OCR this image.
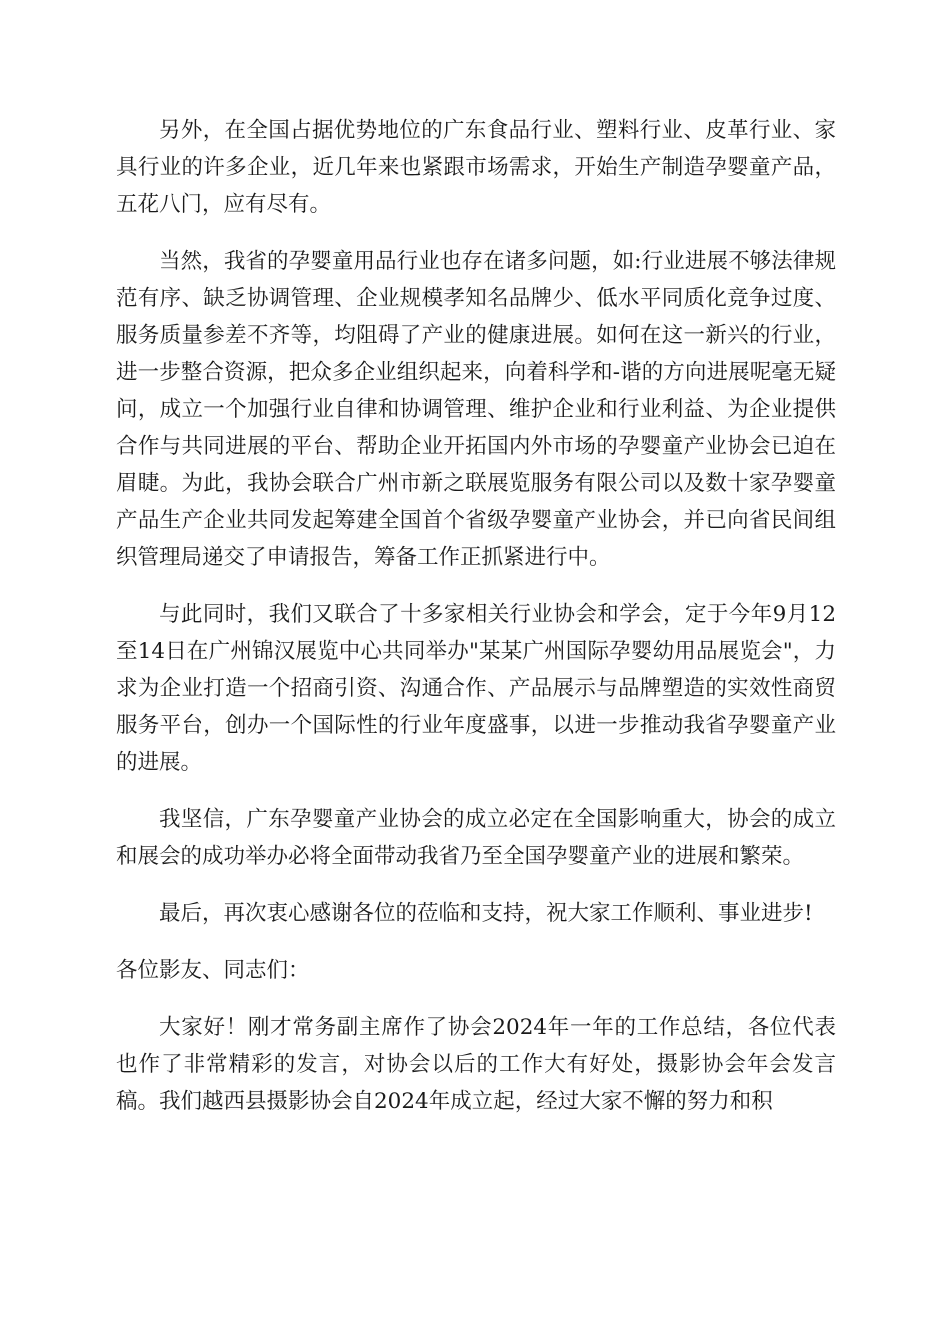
另外，在全国占据优势地位的广东食品行业、塑料行业、皮革行业、家具行业的许多企业，近几年来也紧跟市场需求，开始生产制造孕婴童产品，五花八门，应有尽有。

当然，我省的孕婴童用品行业也存在诸多问题，如:行业进展不够法律规范有序、缺乏协调管理、企业规模孝知名品牌少、低水平同质化竞争过度、服务质量参差不齐等，均阻碍了产业的健康进展。如何在这一新兴的行业，进一步整合资源，把众多企业组织起来，向着科学和-谐的方向进展呢毫无疑问，成立一个加强行业自律和协调管理、维护企业和行业利益、为企业提供合作与共同进展的平台、帮助企业开拓国内外市场的孕婴童产业协会已迫在眉睫。为此，我协会联合广州市新之联展览服务有限公司以及数十家孕婴童产品生产企业共同发起筹建全国首个省级孕婴童产业协会，并已向省民间组织管理局递交了申请报告，筹备工作正抓紧进行中。

与此同时，我们又联合了十多家相关行业协会和学会，定于今年9月12至14日在广州锦汉展览中心共同举办"某某广州国际孕婴幼用品展览会"，力求为企业打造一个招商引资、沟通合作、产品展示与品牌塑造的实效性商贸服务平台，创办一个国际性的行业年度盛事，以进一步推动我省孕婴童产业的进展。

我坚信，广东孕婴童产业协会的成立必定在全国影响重大，协会的成立和展会的成功举办必将全面带动我省乃至全国孕婴童产业的进展和繁荣。

最后，再次衷心感谢各位的莅临和支持，祝大家工作顺利、事业进步!

各位影友、同志们：

大家好！刚才常务副主席作了协会2024年一年的工作总结，各位代表也作了非常精彩的发言，对协会以后的工作大有好处，摄影协会年会发言稿。我们越西县摄影协会自2024年成立起，经过大家不懈的努力和积
